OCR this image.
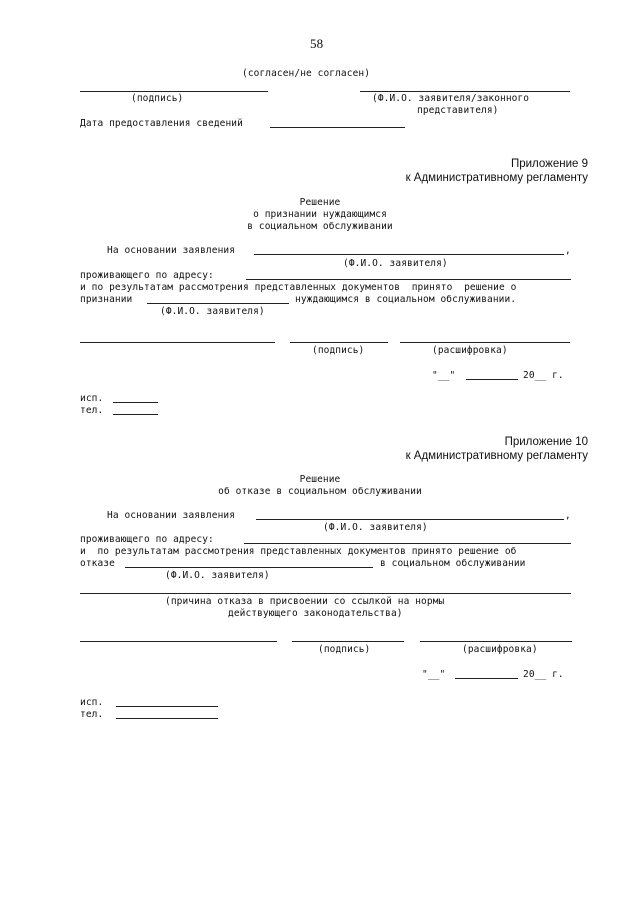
58
(согласен/не согласен)
(подпись)	(Ф.И.О. заявителя/законного
представителя)
Дата предоставления сведений
Приложение 9
к Административному регламенту
Решение
о признании нуждающимся
в социальном обслуживании
На основании заявления	,
(Ф.И.О. заявителя)
проживающего по адресу:
и по результатам рассмотрения представленных документов  принято  решение о
признании	нуждающимся в социальном обслуживании.
(Ф.И.О. заявителя)
(подпись)	(расшифровка)
"__"	20__ г.
исп.
тел.
Приложение 10
к Административному регламенту
Решение
об отказе в социальном обслуживании
На основании заявления	,
(Ф.И.О. заявителя)
проживающего по адресу:
и  по результатам рассмотрения представленных документов принято решение об
отказе	в социальном обслуживании
(Ф.И.О. заявителя)
(причина отказа в присвоении со ссылкой на нормы
действующего законодательства)
(подпись)	(расшифровка)
"__"	20__ г.
исп.
тел.
